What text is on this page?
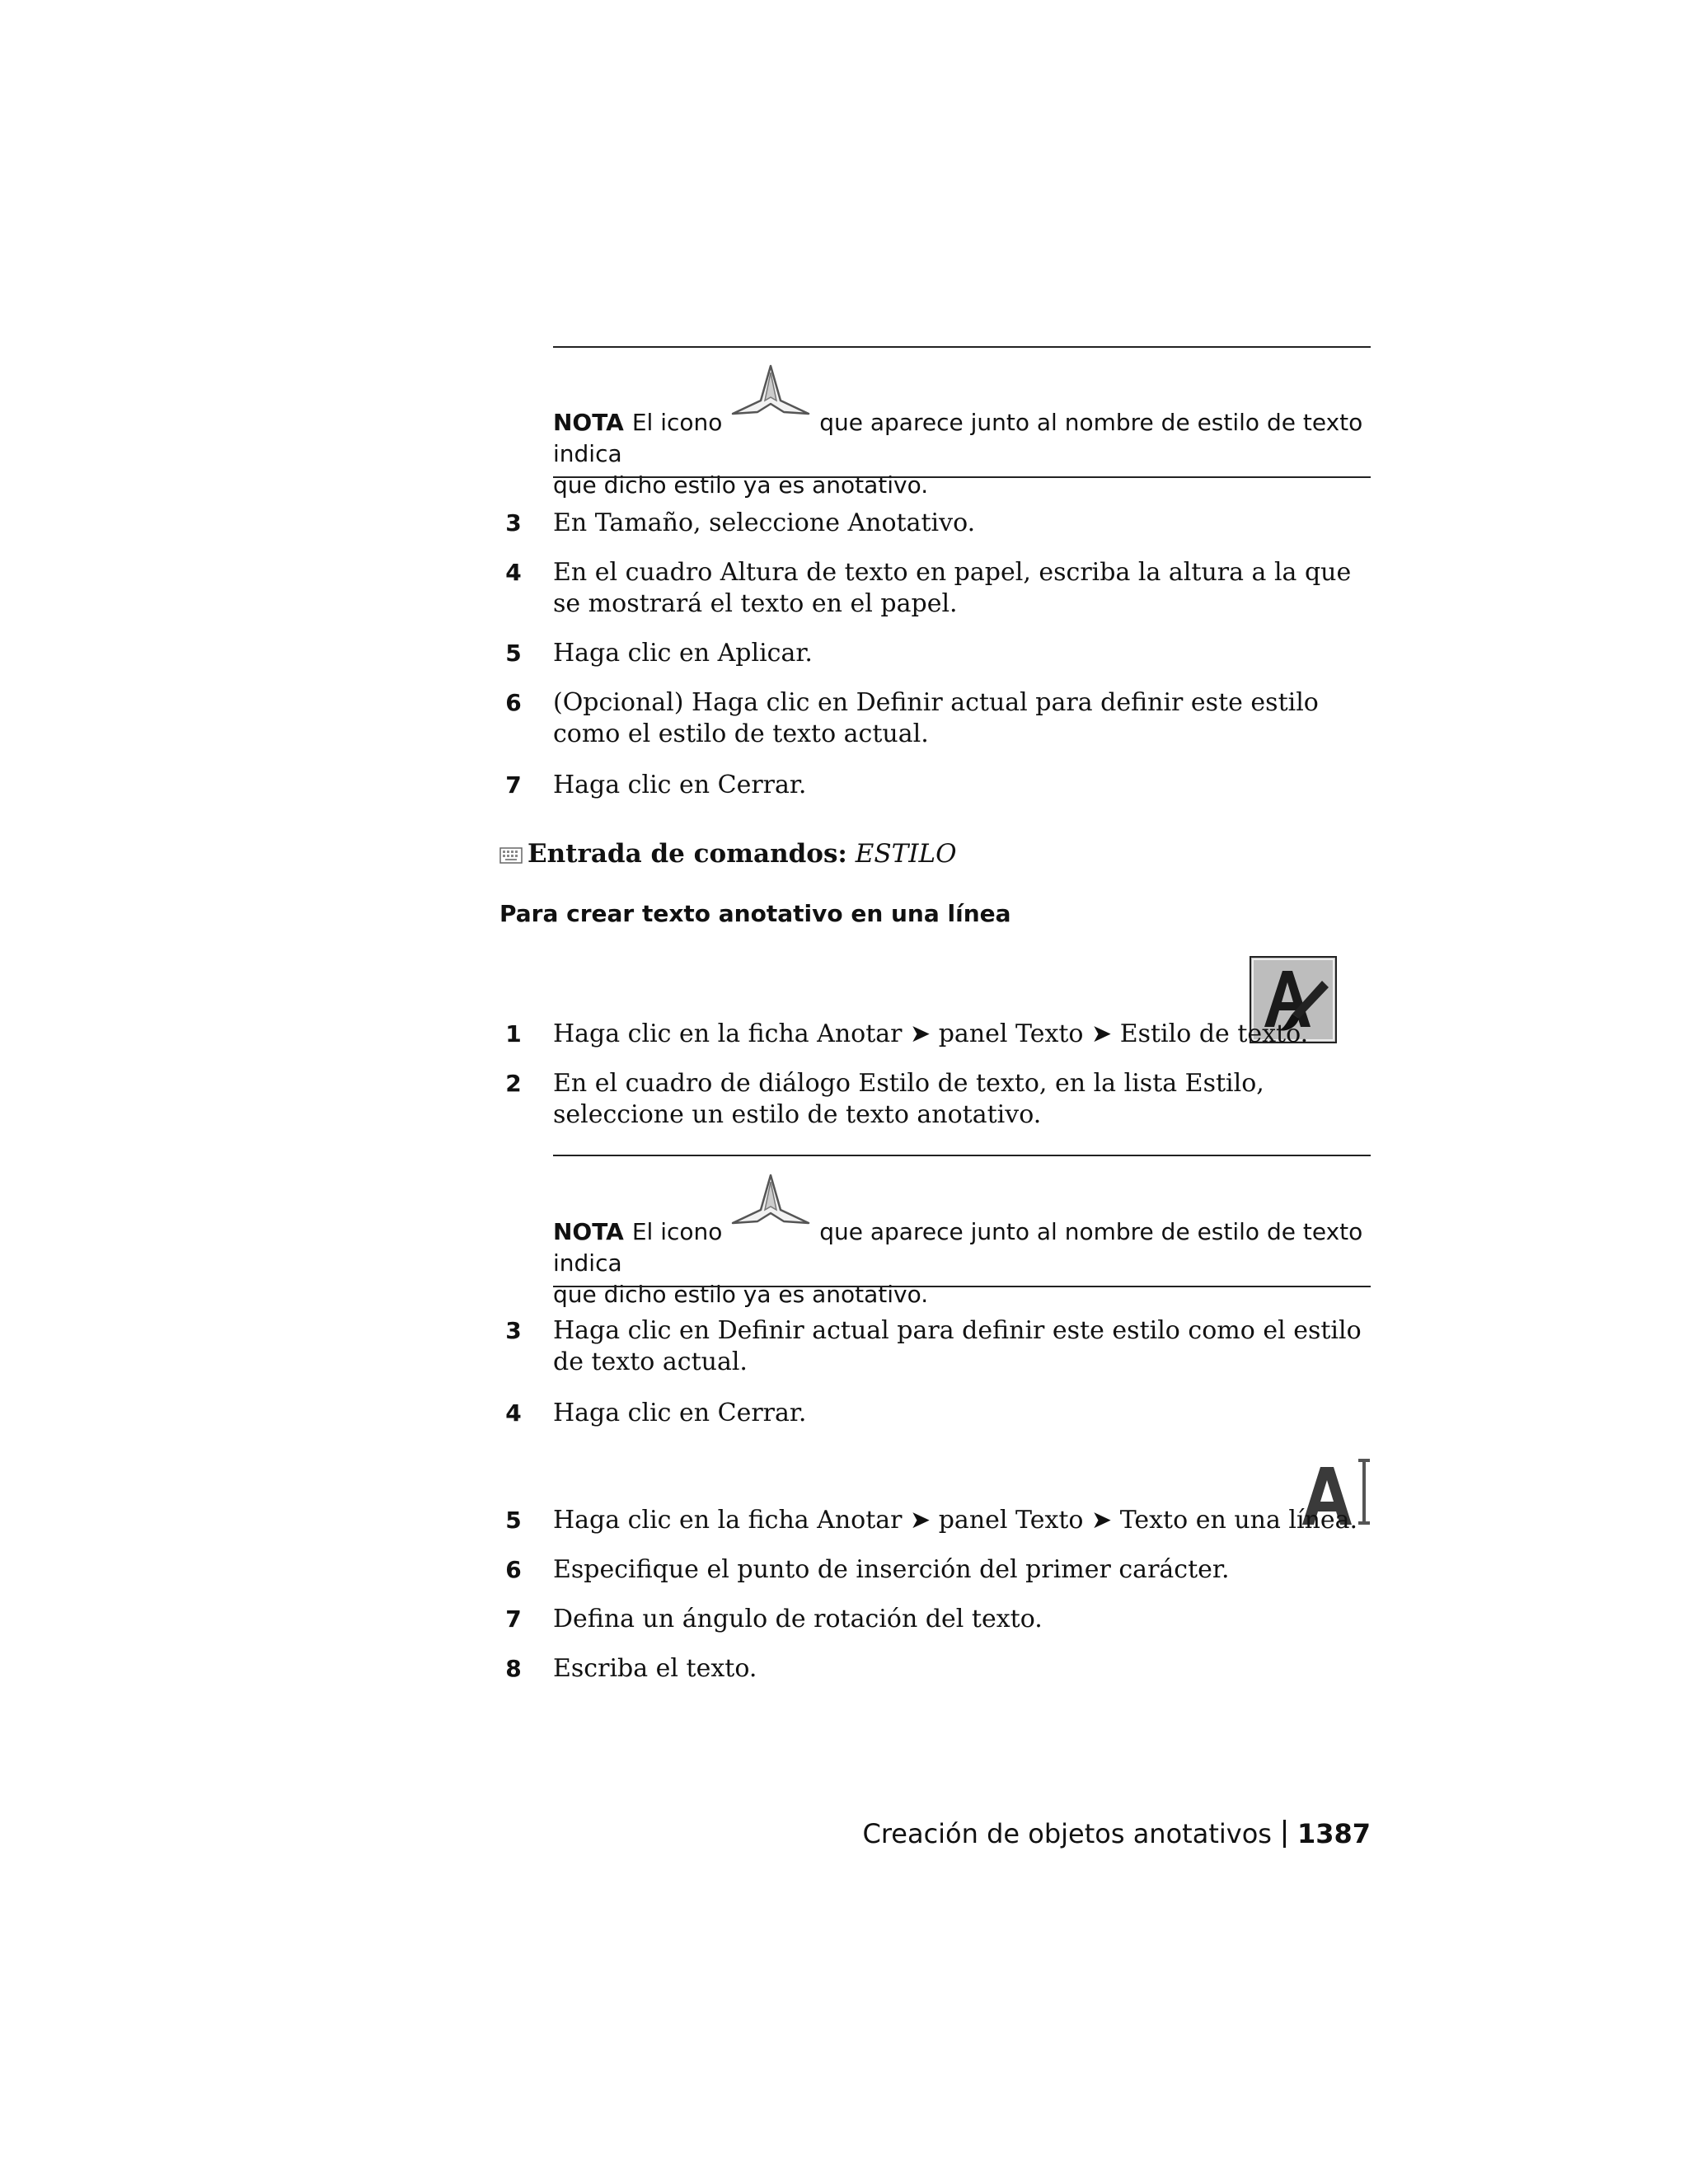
NOTA El icono	que aparece junto al nombre de estilo de texto indica
que dicho estilo ya es anotativo.
3	En Tamaño, seleccione Anotativo.
4	En el cuadro Altura de texto en papel, escriba la altura a la que se mostrará el texto en el papel.
5	Haga clic en Aplicar.
6	(Opcional) Haga clic en Definir actual para definir este estilo como el estilo de texto actual.
7	Haga clic en Cerrar.
Entrada de comandos: ESTILO
Para crear texto anotativo en una línea
1	Haga clic en la ficha Anotar ➤ panel Texto ➤ Estilo de texto.
2	En el cuadro de diálogo Estilo de texto, en la lista Estilo, seleccione un estilo de texto anotativo.
NOTA El icono	que aparece junto al nombre de estilo de texto indica
que dicho estilo ya es anotativo.
3	Haga clic en Definir actual para definir este estilo como el estilo de texto actual.
4	Haga clic en Cerrar.
5	Haga clic en la ficha Anotar ➤ panel Texto ➤ Texto en una línea.
6	Especifique el punto de inserción del primer carácter.
7	Defina un ángulo de rotación del texto.
8	Escriba el texto.
Creación de objetos anotativos 1387
